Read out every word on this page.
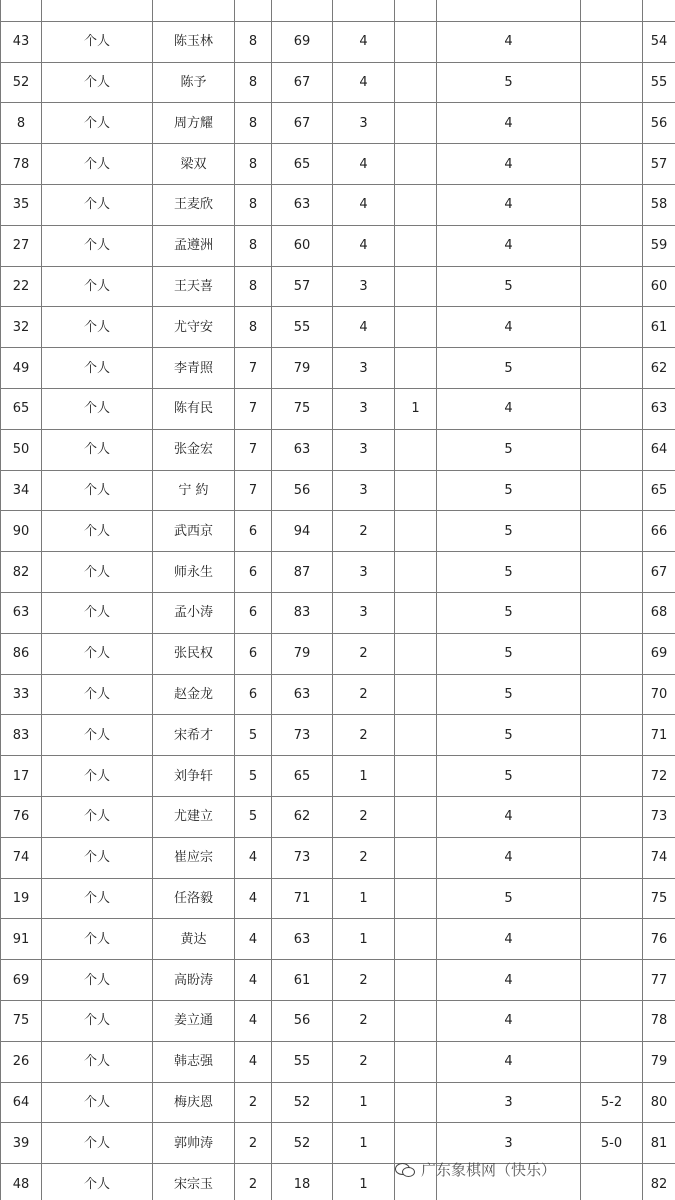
43	个人	陈玉林	8	69	4		4		54
52	个人	陈予	8	67	4		5		55
8	个人	周方耀	8	67	3		4		56
78	个人	梁双	8	65	4		4		57
35	个人	王麦欣	8	63	4		4		58
27	个人	孟遵洲	8	60	4		4		59
22	个人	王天喜	8	57	3		5		60
32	个人	尤守安	8	55	4		4		61
49	个人	李青照	7	79	3		5		62
65	个人	陈有民	7	75	3	1	4		63
50	个人	张金宏	7	63	3		5		64
34	个人	宁 約	7	56	3		5		65
90	个人	武西京	6	94	2		5		66
82	个人	师永生	6	87	3		5		67
63	个人	孟小涛	6	83	3		5		68
86	个人	张民权	6	79	2		5		69
33	个人	赵金龙	6	63	2		5		70
83	个人	宋希才	5	73	2		5		71
17	个人	刘争轩	5	65	1		5		72
76	个人	尤建立	5	62	2		4		73
74	个人	崔应宗	4	73	2		4		74
19	个人	任洛毅	4	71	1		5		75
91	个人	黄达	4	63	1		4		76
69	个人	高盼涛	4	61	2		4		77
75	个人	姜立通	4	56	2		4		78
26	个人	韩志强	4	55	2		4		79
64	个人	梅庆恩	2	52	1		3	5-2	80
39	个人	郭帅涛	2	52	1		3	5-0	81
48	个人	宋宗玉	2	18	1				82

广东象棋网（快乐）
